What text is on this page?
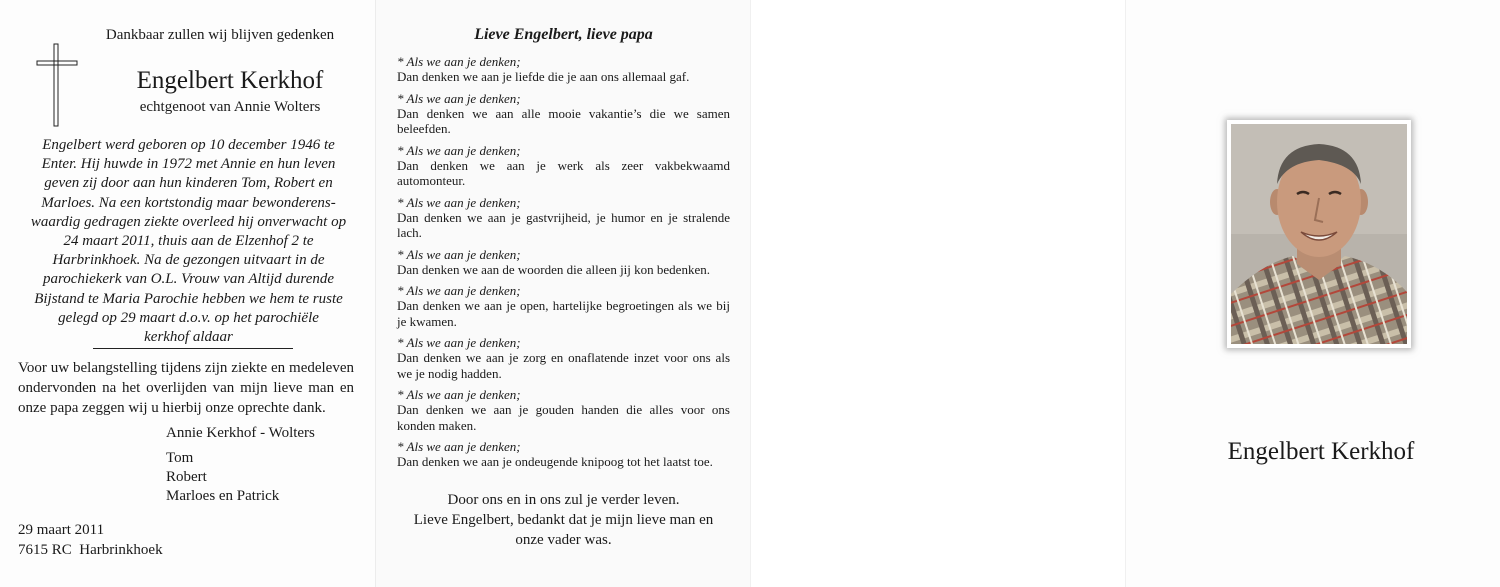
Dankbaar zullen wij blijven gedenken
Engelbert Kerkhof
echtgenoot van Annie Wolters
Engelbert werd geboren op 10 december 1946 te
Enter. Hij huwde in 1972 met Annie en hun leven
geven zij door aan hun kinderen Tom, Robert en
Marloes. Na een kortstondig maar bewonderens-
waardig gedragen ziekte overleed hij onverwacht op
24 maart 2011, thuis aan de Elzenhof 2 te
Harbrinkhoek. Na de gezongen uitvaart in de
parochiekerk van O.L. Vrouw van Altijd durende
Bijstand te Maria Parochie hebben we hem te ruste
gelegd op 29 maart d.o.v. op het parochiële
kerkhof aldaar
Voor uw belangstelling tijdens zijn ziekte en medeleven ondervonden na het overlijden van mijn lieve man en onze papa zeggen wij u hierbij onze oprechte dank.
Annie Kerkhof - Wolters
Tom
Robert
Marloes en Patrick
29 maart 2011
7615 RC  Harbrinkhoek
Lieve Engelbert, lieve papa
* Als we aan je denken;
Dan denken we aan je liefde die je aan ons allemaal gaf.
* Als we aan je denken;
Dan denken we aan alle mooie vakantie’s die we samen beleefden.
* Als we aan je denken;
Dan denken we aan je werk als zeer vakbekwaamd automonteur.
* Als we aan je denken;
Dan denken we aan je gastvrijheid, je humor en je stralende lach.
* Als we aan je denken;
Dan denken we aan de woorden die alleen jij kon bedenken.
* Als we aan je denken;
Dan denken we aan je open, hartelijke begroetingen als we bij je kwamen.
* Als we aan je denken;
Dan denken we aan je zorg en onaflatende inzet voor ons als we je nodig hadden.
* Als we aan je denken;
Dan denken we aan je gouden handen die alles voor ons konden maken.
* Als we aan je denken;
Dan denken we aan je ondeugende knipoog tot het laatst toe.
Door ons en in ons zul je verder leven.
Lieve Engelbert, bedankt dat je mijn lieve man en
onze vader was.
Engelbert Kerkhof
